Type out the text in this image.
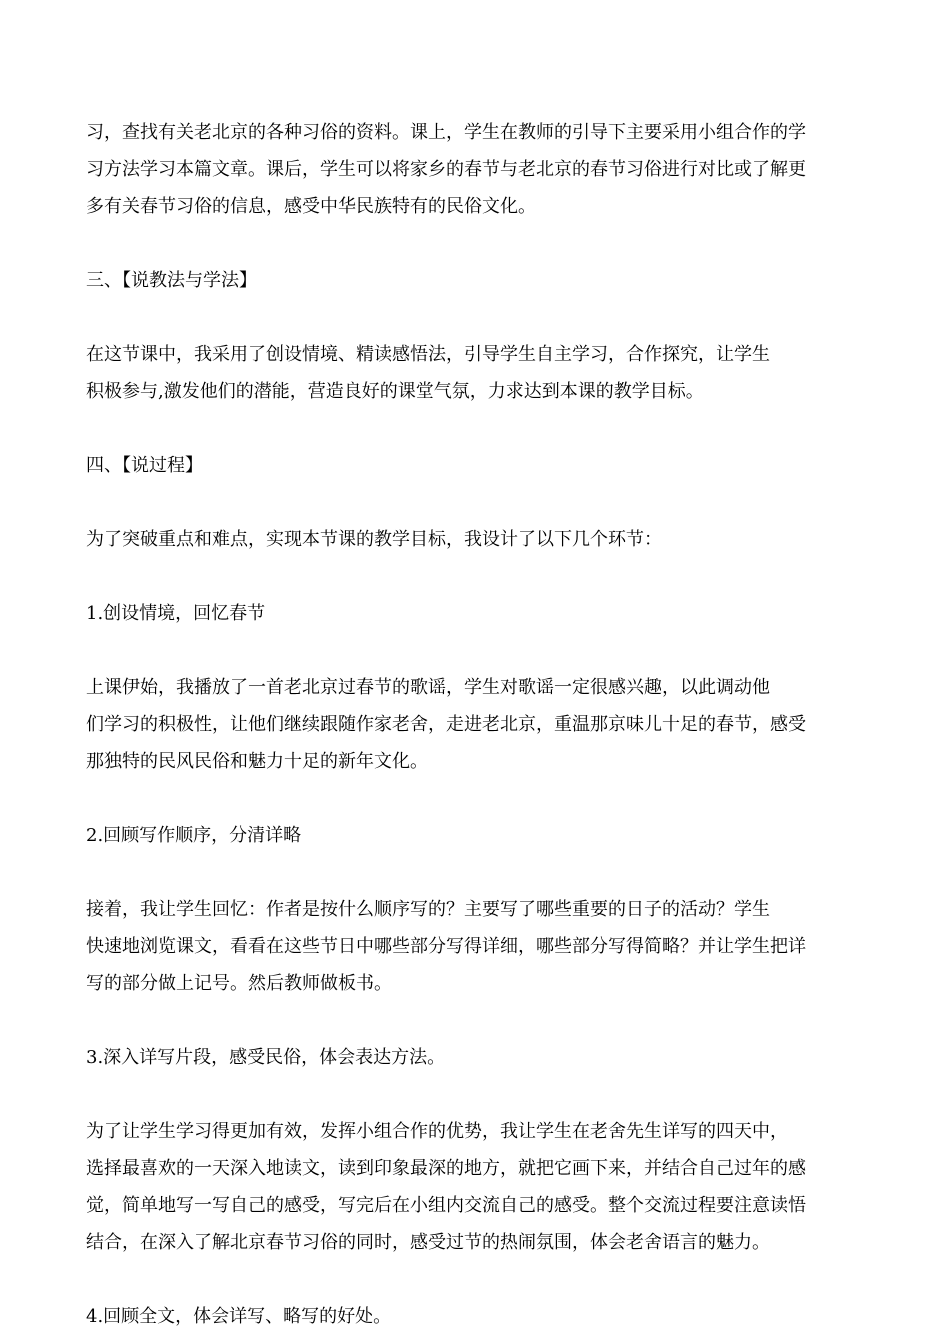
习，查找有关老北京的各种习俗的资料。课上，学生在教师的引导下主要采用小组合作的学
习方法学习本篇文章。课后，学生可以将家乡的春节与老北京的春节习俗进行对比或了解更
多有关春节习俗的信息，感受中华民族特有的民俗文化。

三、【说教法与学法】

在这节课中，我采用了创设情境、精读感悟法，引导学生自主学习，合作探究，让学生

积极参与,激发他们的潜能，营造良好的课堂气氛，力求达到本课的教学目标。

四、【说过程】

为了突破重点和难点，实现本节课的教学目标，我设计了以下几个环节：

1.创设情境，回忆春节

上课伊始，我播放了一首老北京过春节的歌谣，学生对歌谣一定很感兴趣，以此调动他

们学习的积极性，让他们继续跟随作家老舍，走进老北京，重温那京味儿十足的春节，感受
那独特的民风民俗和魅力十足的新年文化。

2.回顾写作顺序，分清详略

接着，我让学生回忆：作者是按什么顺序写的？主要写了哪些重要的日子的活动？学生

快速地浏览课文，看看在这些节日中哪些部分写得详细，哪些部分写得简略？并让学生把详
写的部分做上记号。然后教师做板书。

3.深入详写片段，感受民俗，体会表达方法。

为了让学生学习得更加有效，发挥小组合作的优势，我让学生在老舍先生详写的四天中，

选择最喜欢的一天深入地读文，读到印象最深的地方，就把它画下来，并结合自己过年的感
觉，简单地写一写自己的感受，写完后在小组内交流自己的感受。整个交流过程要注意读悟
结合，在深入了解北京春节习俗的同时，感受过节的热闹氛围，体会老舍语言的魅力。

4.回顾全文，体会详写、略写的好处。
